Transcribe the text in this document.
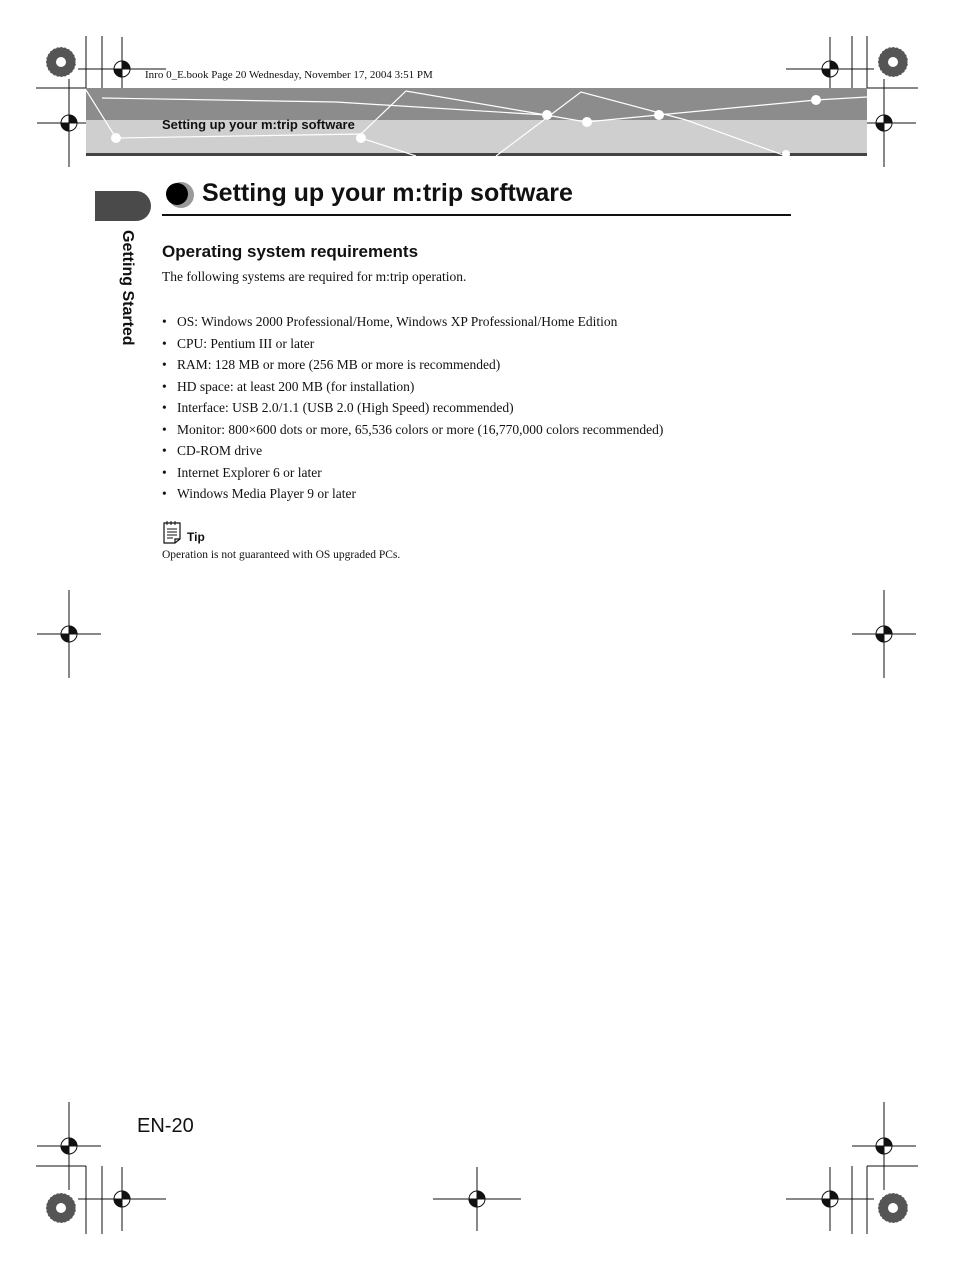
Inro 0_E.book Page 20 Wednesday, November 17, 2004 3:51 PM
Setting up your m:trip software
Getting Started
Setting up your m:trip software
Operating system requirements
The following systems are required for m:trip operation.
• OS: Windows 2000 Professional/Home, Windows XP Professional/Home Edition
• CPU: Pentium III or later
• RAM: 128 MB or more (256 MB or more is recommended)
• HD space: at least 200 MB (for installation)
• Interface: USB 2.0/1.1 (USB 2.0 (High Speed) recommended)
• Monitor: 800×600 dots or more, 65,536 colors or more (16,770,000 colors recommended)
• CD-ROM drive
• Internet Explorer 6 or later
• Windows Media Player 9 or later
Tip
Operation is not guaranteed with OS upgraded PCs.
EN-20
